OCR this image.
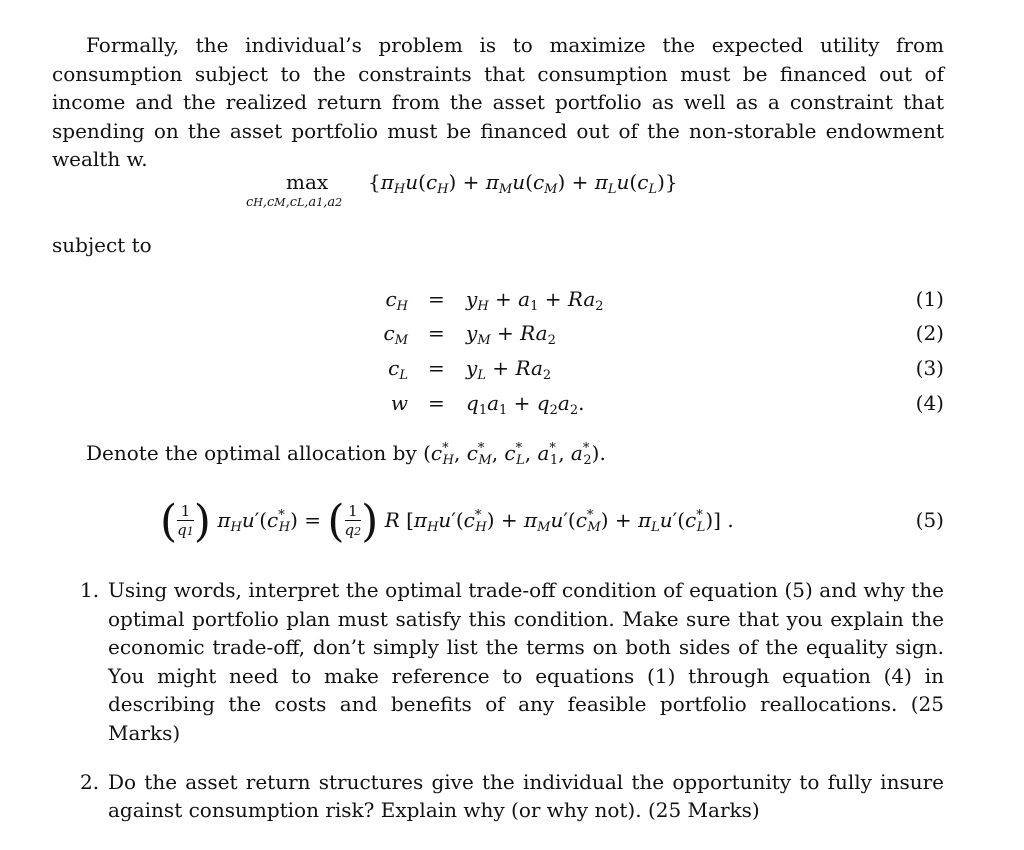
Formally, the individual’s problem is to maximize the expected utility from consumption subject to the constraints that consumption must be financed out of income and the realized return from the asset portfolio as well as a constraint that spending on the asset portfolio must be financed out of the non-storable endowment wealth w.

max
cH,cM,cL,a1,a2
$\{\pi_Hu(c_H) + \pi_Mu(c_M) + \pi_Lu(c_L)\}$
subject to
$c_H = y_H + a_1 + Ra_2$	(1)
$c_M = y_M + Ra_2$	(2)
$c_L = y_L + Ra_2$	(3)
$w = q_1a_1 + q_2a_2$.	(4)
Denote the optimal allocation by ($c^*_H$, $c^*_M$, $c^*_L$, $a^*_1$, $a^*_2$).
( $\frac{1}{q1}$ ) $\pi_Hu'(c^*_H)$ = ( $\frac{1}{q2}$ ) R $[\pi_Hu'(c^*_H) + \pi_Mu'(c^*_M) + \pi_Lu'(c^*_L)]$ .	(5)
1. Using words, interpret the optimal trade-off condition of equation (5) and why the optimal portfolio plan must satisfy this condition. Make sure that you explain the economic trade-off, don’t simply list the terms on both sides of the equality sign. You might need to make reference to equations (1) through equation (4) in describing the costs and benefits of any feasible portfolio reallocations. (25 Marks)
2. Do the asset return structures give the individual the opportunity to fully insure against consumption risk? Explain why (or why not). (25 Marks)
